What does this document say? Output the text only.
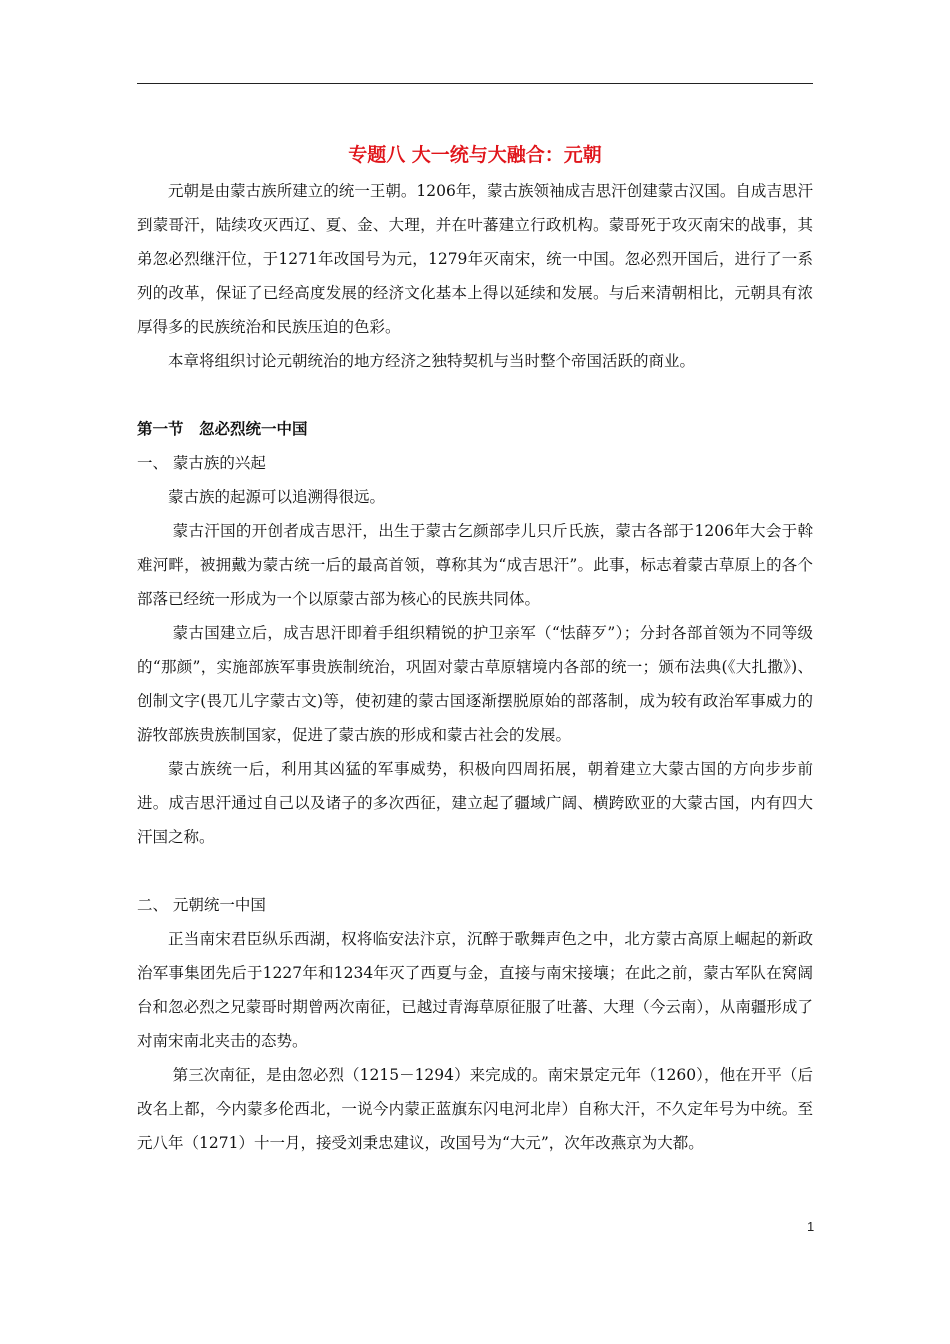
专题八 大一统与大融合：元朝

元朝是由蒙古族所建立的统一王朝。1206年，蒙古族领袖成吉思汗创建蒙古汉国。自成吉思汗到蒙哥汗，陆续攻灭西辽、夏、金、大理，并在叶蕃建立行政机构。蒙哥死于攻灭南宋的战事，其弟忽必烈继汗位，于1271年改国号为元，1279年灭南宋，统一中国。忽必烈开国后，进行了一系列的改革，保证了已经高度发展的经济文化基本上得以延续和发展。与后来清朝相比，元朝具有浓厚得多的民族统治和民族压迫的色彩。

本章将组织讨论元朝统治的地方经济之独特契机与当时整个帝国活跃的商业。

第一节　忽必烈统一中国
一、 蒙古族的兴起

蒙古族的起源可以追溯得很远。

蒙古汗国的开创者成吉思汗，出生于蒙古乞颜部孛儿只斤氏族，蒙古各部于1206年大会于斡难河畔，被拥戴为蒙古统一后的最高首领，尊称其为“成吉思汗”。此事，标志着蒙古草原上的各个部落已经统一形成为一个以原蒙古部为核心的民族共同体。

蒙古国建立后，成吉思汗即着手组织精锐的护卫亲军（“怯薛歹”）；分封各部首领为不同等级的“那颜”，实施部族军事贵族制统治，巩固对蒙古草原辖境内各部的统一；颁布法典(《大扎撒》)、创制文字(畏兀儿字蒙古文)等，使初建的蒙古国逐渐摆脱原始的部落制，成为较有政治军事威力的游牧部族贵族制国家，促进了蒙古族的形成和蒙古社会的发展。

蒙古族统一后，利用其凶猛的军事威势，积极向四周拓展，朝着建立大蒙古国的方向步步前进。成吉思汗通过自己以及诸子的多次西征，建立起了疆域广阔、横跨欧亚的大蒙古国，内有四大汗国之称。

二、 元朝统一中国

正当南宋君臣纵乐西湖，权将临安法汴京，沉醉于歌舞声色之中，北方蒙古高原上崛起的新政治军事集团先后于1227年和1234年灭了西夏与金，直接与南宋接壤；在此之前，蒙古军队在窝阔台和忽必烈之兄蒙哥时期曾两次南征，已越过青海草原征服了吐蕃、大理（今云南），从南疆形成了对南宋南北夹击的态势。

第三次南征，是由忽必烈（1215－1294）来完成的。南宋景定元年（1260），他在开平（后改名上都，今内蒙多伦西北，一说今内蒙正蓝旗东闪电河北岸）自称大汗，不久定年号为中统。至元八年（1271）十一月，接受刘秉忠建议，改国号为“大元”，次年改燕京为大都。

1
